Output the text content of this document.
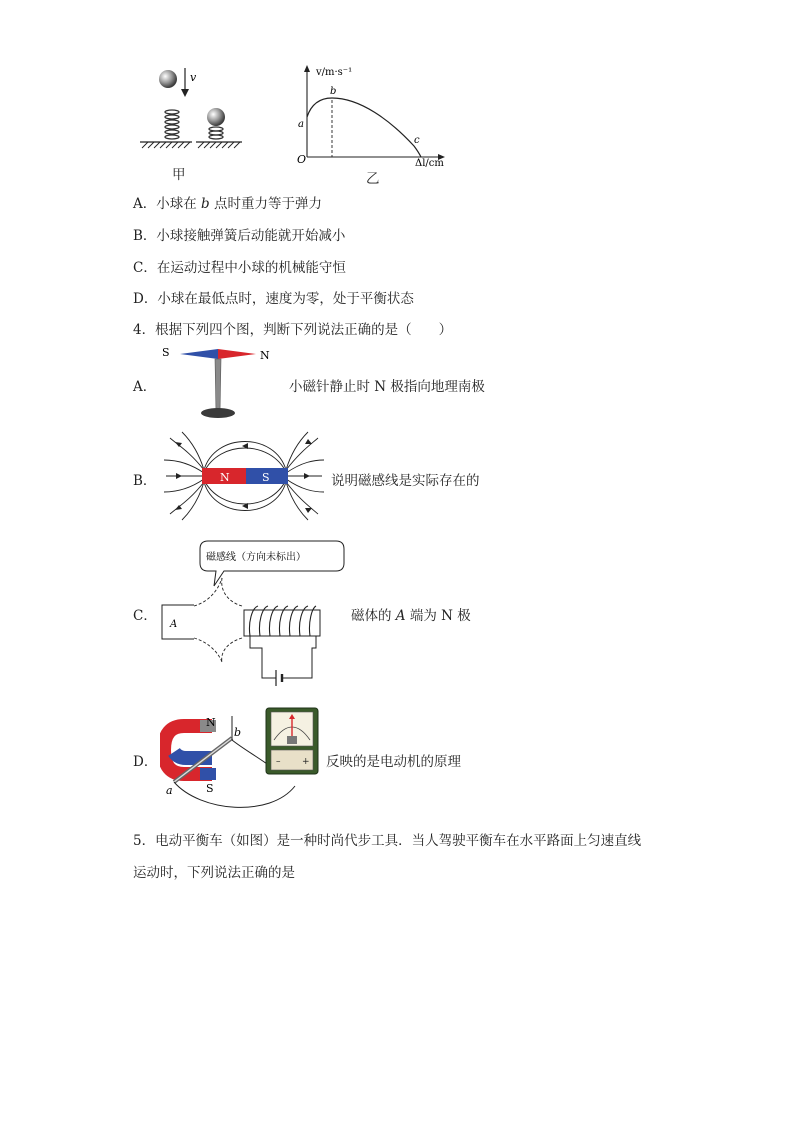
v
甲
v/m·s⁻¹
b
a
c
O	Δl/cm
乙
A．小球在 b 点时重力等于弹力
B．小球接触弹簧后动能就开始减小
C．在运动过程中小球的机械能守恒
D．小球在最低点时，速度为零，处于平衡状态
4．根据下列四个图，判断下列说法正确的是（　　）
A．
S	N
小磁针静止时 N 极指向地理南极
B．	N	S	说明磁感线是实际存在的
C．
磁感线（方向未标出）
A
磁体的 A 端为 N 极
D．
N
S
a
b
– + 反映的是电动机的原理
5．电动平衡车（如图）是一种时尚代步工具．当人驾驶平衡车在水平路面上匀速直线
运动时，下列说法正确的是
